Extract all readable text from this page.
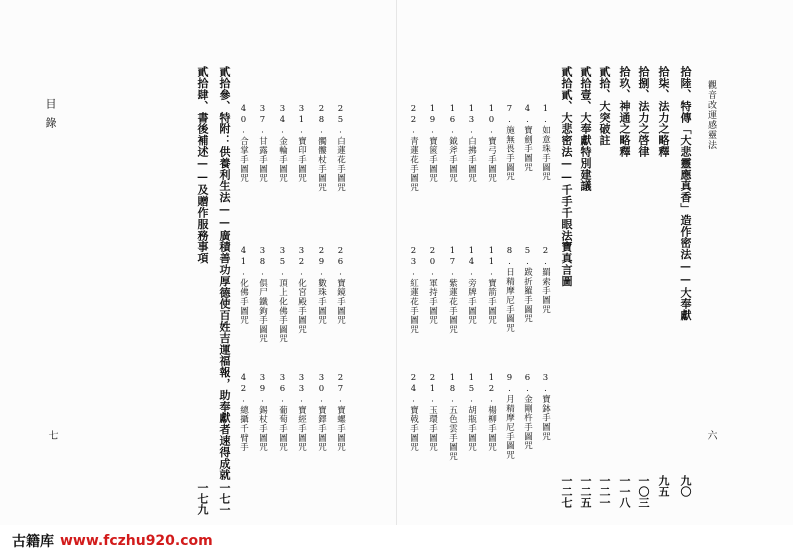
觀音改運感靈法
六
拾陸、特傳「大悲靈應真香」造作密法——大奉獻
九〇
拾柒、法力之略釋
九五
拾捌、法力之啓律
一〇三
拾玖、神通之略釋
一一八
貳拾、大突破註
一二一
貳拾壹、大奉獻特別建議
一二五
貳拾貳、大悲密法——千手千眼法寶真言圖
一二七
1.如意珠手圖咒
2.羂索手圖咒
3.寶鉢手圖咒
4.寶劍手圖咒
5.跋折羅手圖咒
6.金剛杵手圖咒
7.施無畏手圖咒
8.日精摩尼手圖咒
9.月精摩尼手圖咒
10.寶弓手圖咒
11.寶箭手圖咒
12.楊柳手圖咒
13.白拂手圖咒
14.旁牌手圖咒
15.胡瓶手圖咒
16.鉞斧手圖咒
17.紫蓮花手圖咒
18.五色雲手圖咒
19.寶篋手圖咒
20.軍持手圖咒
21.玉環手圖咒
22.青蓮花手圖咒
23.紅蓮花手圖咒
24.寶戟手圖咒
目錄
七
25.白蓮花手圖咒
26.寶鏡手圖咒
27.寶螺手圖咒
28.髑髏杖手圖咒
29.數珠手圖咒
30.寶鐸手圖咒
31.寶印手圖咒
32.化宮殿手圖咒
33.寶經手圖咒
34.金輪手圖咒
35.頂上化佛手圖咒
36.葡萄手圖咒
37.甘露手圖咒
38.俱尸鐵鉤手圖咒
39.錫杖手圖咒
40.合掌手圖咒
41.化佛手圖咒
42.總攝千臂手
貳拾參、特附：供養利生法——廣積善功厚德使百姓吉運福報，助奉獻者速得成就
一七一
貳拾肆、書後補述——及贈作服務事項
一七九
古籍库 www.fczhu920.com
